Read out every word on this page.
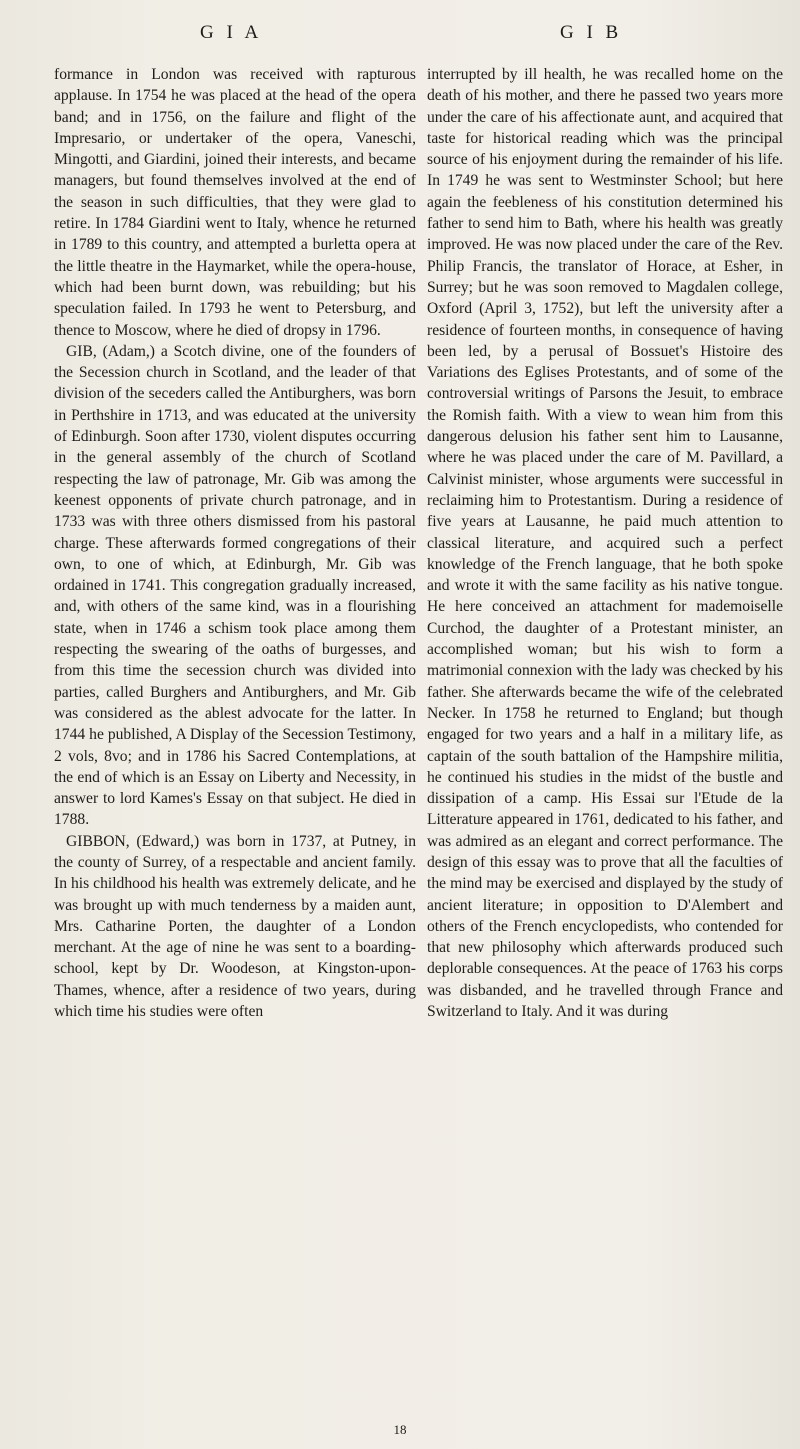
G I A	G I B

formance in London was received with rapturous applause. In 1754 he was placed at the head of the opera band; and in 1756, on the failure and flight of the Impresario, or undertaker of the opera, Vaneschi, Mingotti, and Giardini, joined their interests, and became managers, but found themselves involved at the end of the season in such difficulties, that they were glad to retire. In 1784 Giardini went to Italy, whence he returned in 1789 to this country, and attempted a burletta opera at the little theatre in the Haymarket, while the opera-house, which had been burnt down, was rebuilding; but his speculation failed. In 1793 he went to Petersburg, and thence to Moscow, where he died of dropsy in 1796.

GIB, (Adam,) a Scotch divine, one of the founders of the Secession church in Scotland, and the leader of that division of the seceders called the Antiburghers, was born in Perthshire in 1713, and was educated at the university of Edinburgh. Soon after 1730, violent disputes occurring in the general assembly of the church of Scotland respecting the law of patronage, Mr. Gib was among the keenest opponents of private church patronage, and in 1733 was with three others dismissed from his pastoral charge. These afterwards formed congregations of their own, to one of which, at Edinburgh, Mr. Gib was ordained in 1741. This congregation gradually increased, and, with others of the same kind, was in a flourishing state, when in 1746 a schism took place among them respecting the swearing of the oaths of burgesses, and from this time the secession church was divided into parties, called Burghers and Antiburghers, and Mr. Gib was considered as the ablest advocate for the latter. In 1744 he published, A Display of the Secession Testimony, 2 vols, 8vo; and in 1786 his Sacred Contemplations, at the end of which is an Essay on Liberty and Necessity, in answer to lord Kames's Essay on that subject. He died in 1788.

GIBBON, (Edward,) was born in 1737, at Putney, in the county of Surrey, of a respectable and ancient family. In his childhood his health was extremely delicate, and he was brought up with much tenderness by a maiden aunt, Mrs. Catharine Porten, the daughter of a London merchant. At the age of nine he was sent to a boarding-school, kept by Dr. Woodeson, at Kingston-upon-Thames, whence, after a residence of two years, during which time his studies were often

interrupted by ill health, he was recalled home on the death of his mother, and there he passed two years more under the care of his affectionate aunt, and acquired that taste for historical reading which was the principal source of his enjoyment during the remainder of his life. In 1749 he was sent to Westminster School; but here again the feebleness of his constitution determined his father to send him to Bath, where his health was greatly improved. He was now placed under the care of the Rev. Philip Francis, the translator of Horace, at Esher, in Surrey; but he was soon removed to Magdalen college, Oxford (April 3, 1752), but left the university after a residence of fourteen months, in consequence of having been led, by a perusal of Bossuet's Histoire des Variations des Eglises Protestants, and of some of the controversial writings of Parsons the Jesuit, to embrace the Romish faith. With a view to wean him from this dangerous delusion his father sent him to Lausanne, where he was placed under the care of M. Pavillard, a Calvinist minister, whose arguments were successful in reclaiming him to Protestantism. During a residence of five years at Lausanne, he paid much attention to classical literature, and acquired such a perfect knowledge of the French language, that he both spoke and wrote it with the same facility as his native tongue. He here conceived an attachment for mademoiselle Curchod, the daughter of a Protestant minister, an accomplished woman; but his wish to form a matrimonial connexion with the lady was checked by his father. She afterwards became the wife of the celebrated Necker. In 1758 he returned to England; but though engaged for two years and a half in a military life, as captain of the south battalion of the Hampshire militia, he continued his studies in the midst of the bustle and dissipation of a camp. His Essai sur l'Etude de la Litterature appeared in 1761, dedicated to his father, and was admired as an elegant and correct performance. The design of this essay was to prove that all the faculties of the mind may be exercised and displayed by the study of ancient literature; in opposition to D'Alembert and others of the French encyclopedists, who contended for that new philosophy which afterwards produced such deplorable consequences. At the peace of 1763 his corps was disbanded, and he travelled through France and Switzerland to Italy. And it was during

18
